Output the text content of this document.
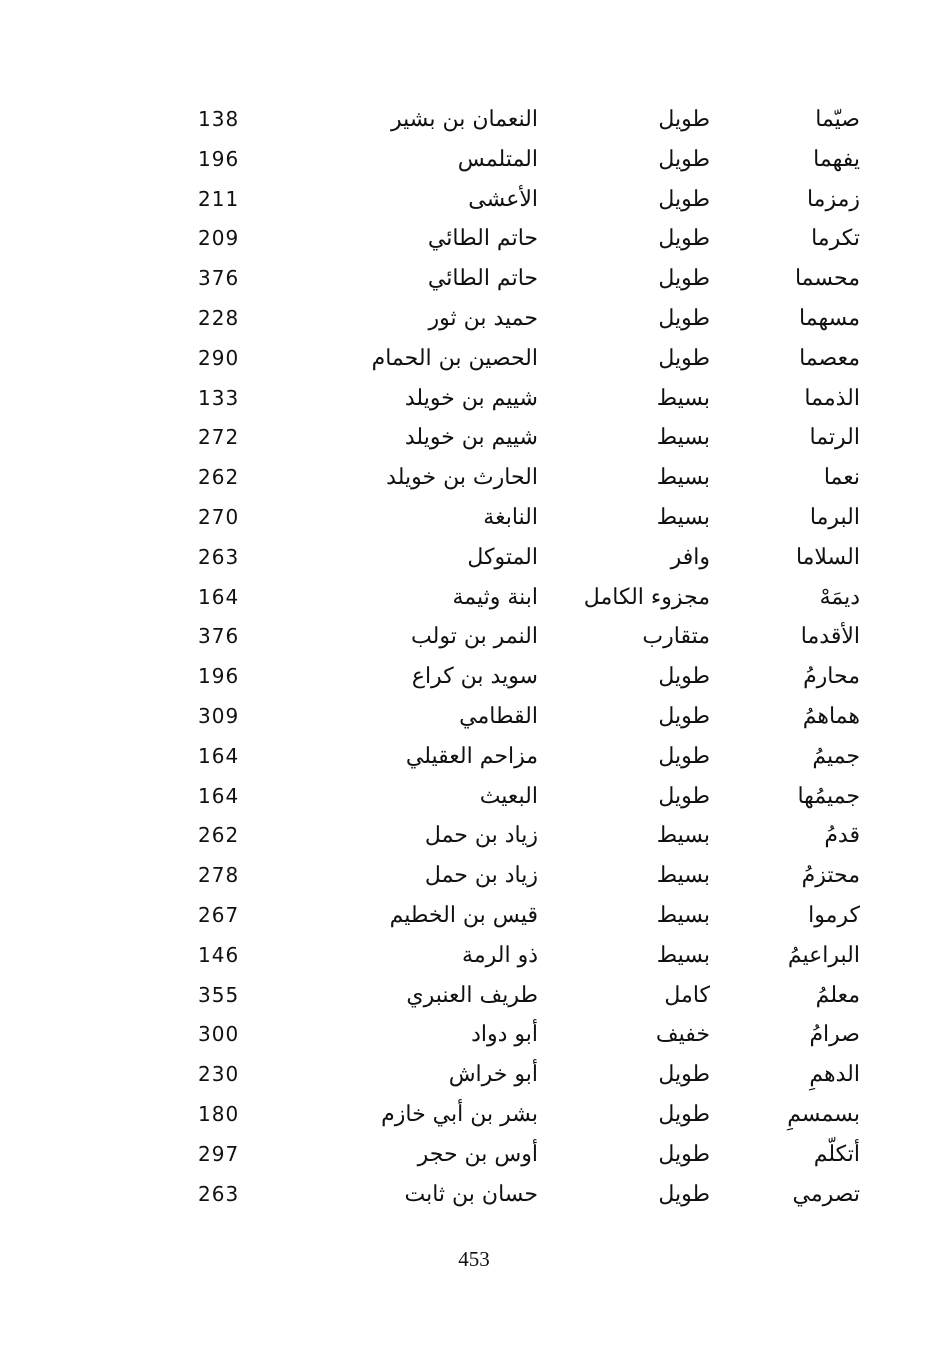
صيّما
طويل
النعمان بن بشير
138
يفهما
طويل
المتلمس
196
زمزما
طويل
الأعشى
211
تكرما
طويل
حاتم الطائي
209
محسما
طويل
حاتم الطائي
376
مسهما
طويل
حميد بن ثور
228
معصما
طويل
الحصين بن الحمام
290
الذمما
بسيط
شييم بن خويلد
133
الرتما
بسيط
شييم بن خويلد
272
نعما
بسيط
الحارث بن خويلد
262
البرما
بسيط
النابغة
270
السلاما
وافر
المتوكل
263
ديمَهْ
مجزوء الكامل
ابنة وثيمة
164
الأقدما
متقارب
النمر بن تولب
376
محارمُ
طويل
سويد بن كراع
196
هماهمُ
طويل
القطامي
309
جميمُ
طويل
مزاحم العقيلي
164
جميمُها
طويل
البعيث
164
قدمُ
بسيط
زياد بن حمل
262
محتزمُ
بسيط
زياد بن حمل
278
كرموا
بسيط
قيس بن الخطيم
267
البراعيمُ
بسيط
ذو الرمة
146
معلمُ
كامل
طريف العنبري
355
صرامُ
خفيف
أبو دواد
300
الدهمِ
طويل
أبو خراش
230
بسمسمِ
طويل
بشر بن أبي خازم
180
أتكلّم
طويل
أوس بن حجر
297
تصرمي
طويل
حسان بن ثابت
263
453
